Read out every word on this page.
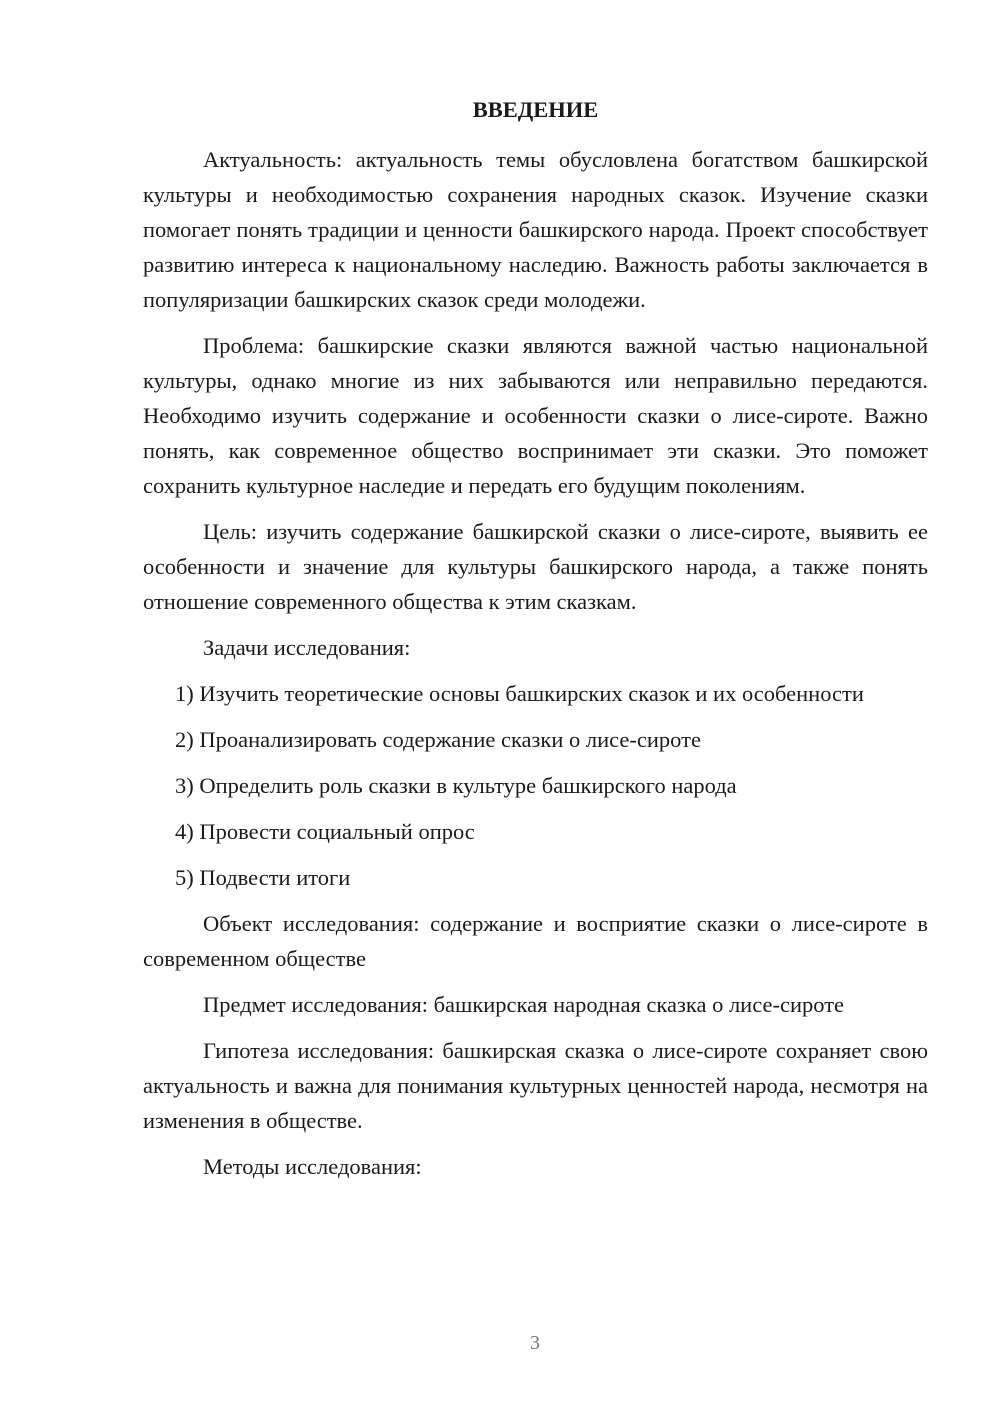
ВВЕДЕНИЕ

Актуальность: актуальность темы обусловлена богатством башкирской культуры и необходимостью сохранения народных сказок. Изучение сказки помогает понять традиции и ценности башкирского народа. Проект способствует развитию интереса к национальному наследию. Важность работы заключается в популяризации башкирских сказок среди молодежи.

Проблема: башкирские сказки являются важной частью национальной культуры, однако многие из них забываются или неправильно передаются. Необходимо изучить содержание и особенности сказки о лисе-сироте. Важно понять, как современное общество воспринимает эти сказки. Это поможет сохранить культурное наследие и передать его будущим поколениям.

Цель: изучить содержание башкирской сказки о лисе-сироте, выявить ее особенности и значение для культуры башкирского народа, а также понять отношение современного общества к этим сказкам.

Задачи исследования:

1) Изучить теоретические основы башкирских сказок и их особенности

2) Проанализировать содержание сказки о лисе-сироте

3) Определить роль сказки в культуре башкирского народа

4) Провести социальный опрос

5) Подвести итоги

Объект исследования: содержание и восприятие сказки о лисе-сироте в современном обществе

Предмет исследования: башкирская народная сказка о лисе-сироте

Гипотеза исследования: башкирская сказка о лисе-сироте сохраняет свою актуальность и важна для понимания культурных ценностей народа, несмотря на изменения в обществе.

Методы исследования:

3
